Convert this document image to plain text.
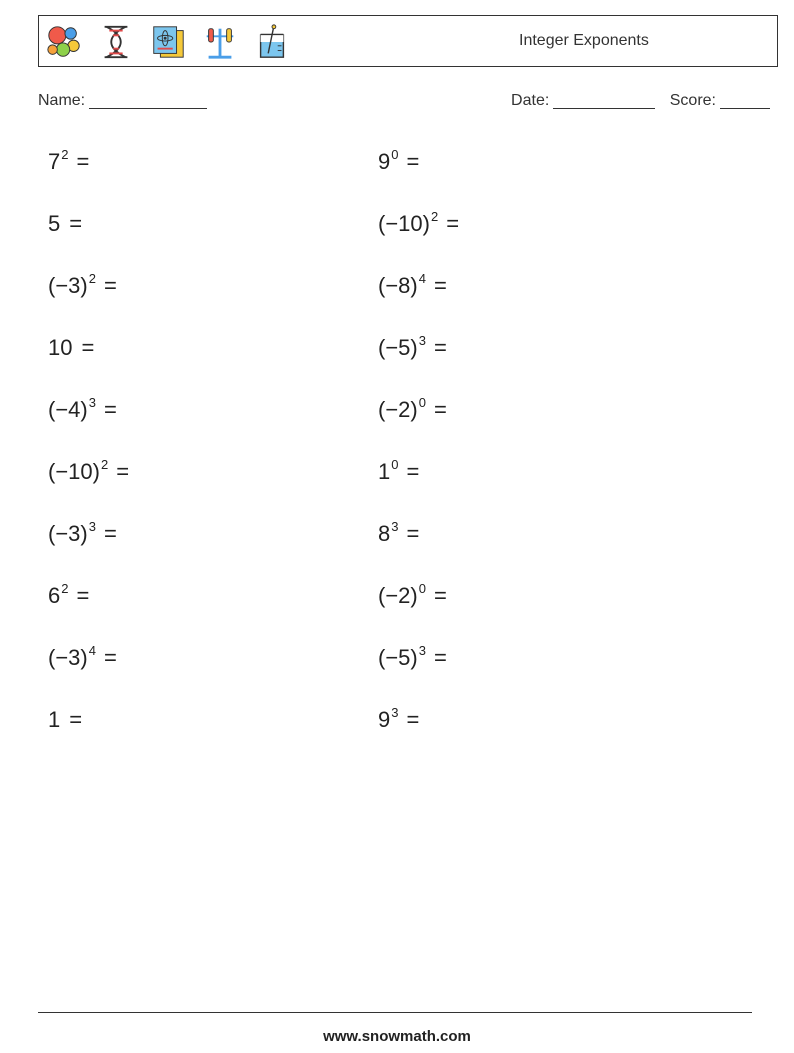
Integer Exponents
Name:	Date:	Score:
$7^2$ =	$9^0$ =
5 =	$(-10)^2$ =
$(-3)^2$ =	$(-8)^4$ =
10 =	$(-5)^3$ =
$(-4)^3$ =	$(-2)^0$ =
$(-10)^2$ =	$1^0$ =
$(-3)^3$ =	$8^3$ =
$6^2$ =	$(-2)^0$ =
$(-3)^4$ =	$(-5)^3$ =
1 =	$9^3$ =
www.snowmath.com
